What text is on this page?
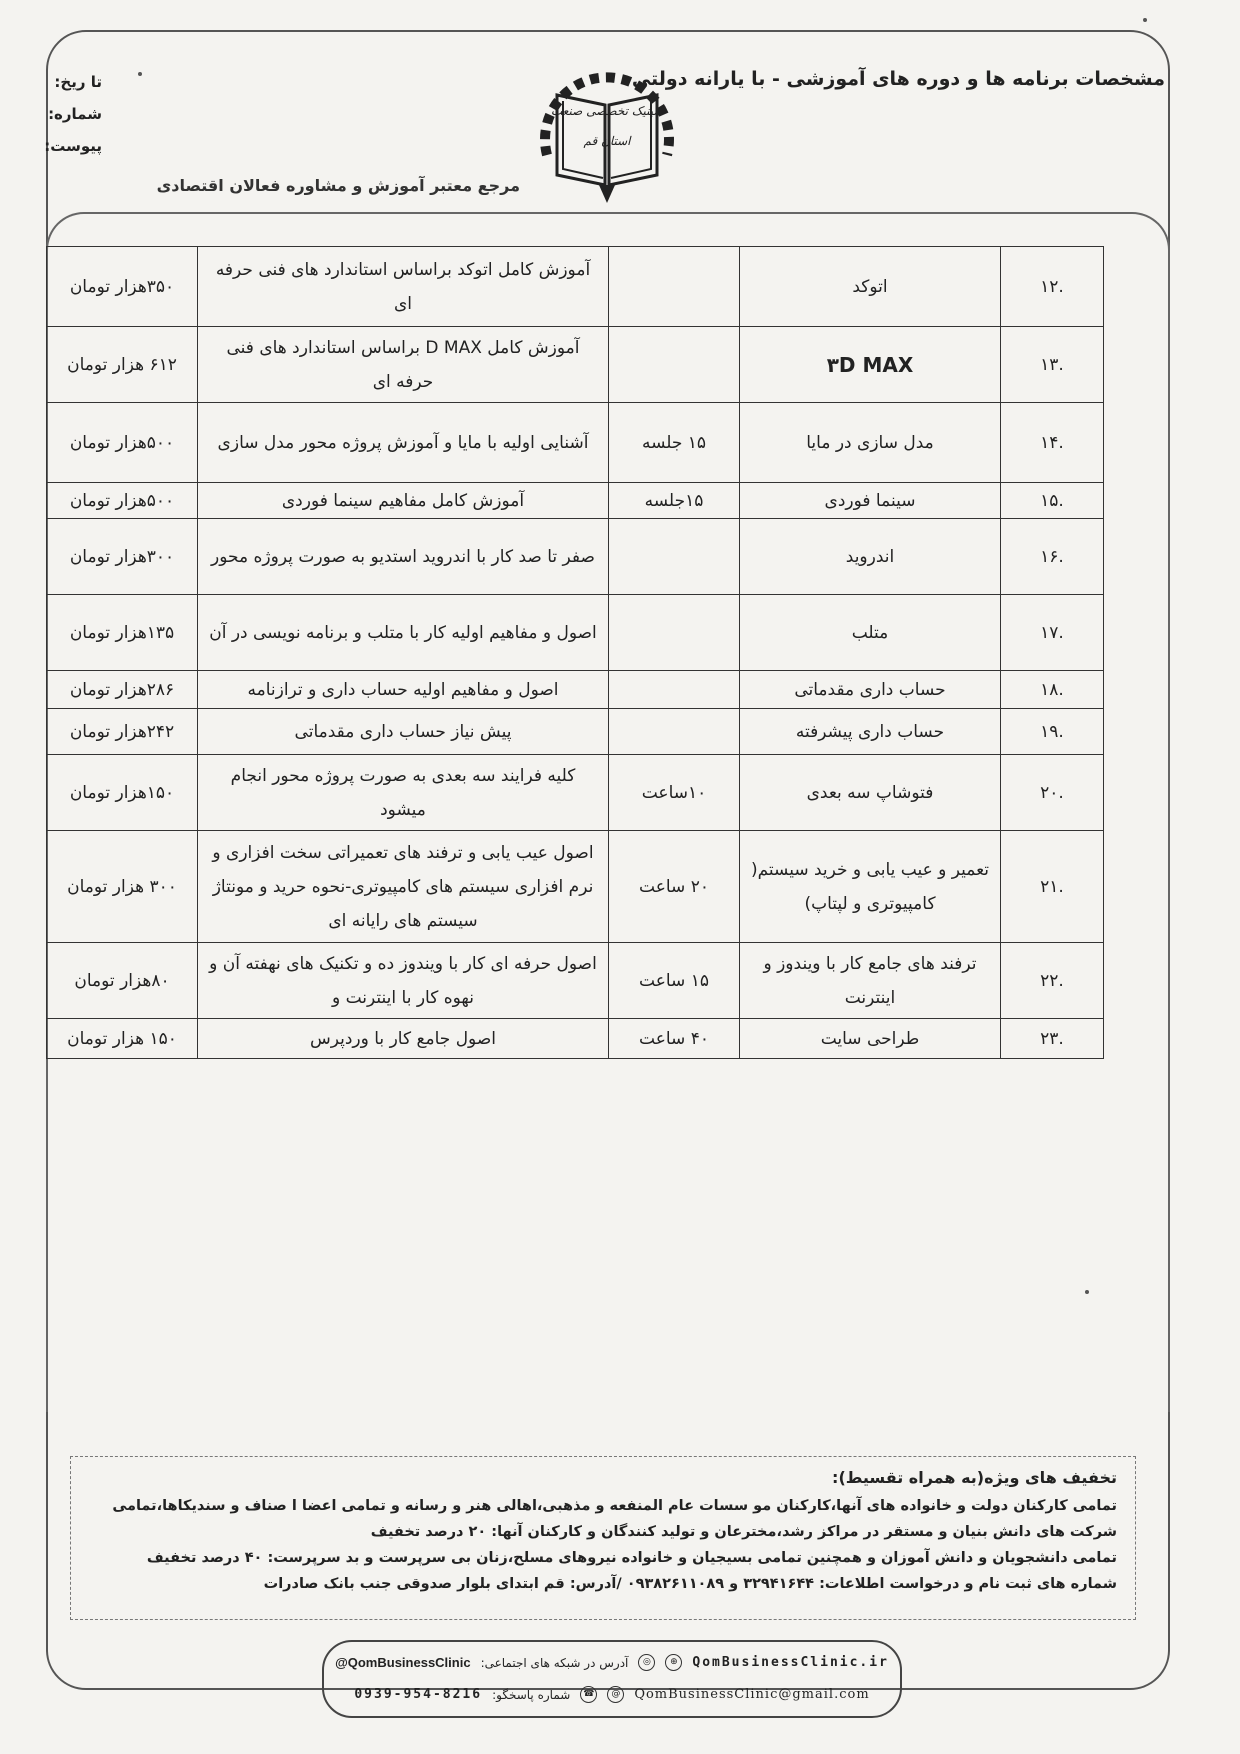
مشخصات برنامه ها و دوره های آموزشی - با یارانه دولتی
تا ریخ:
شماره:
پیوست:
کلینیک تخصصی صنعت
استان قم
مرجع معتبر آموزش و مشاوره فعالان اقتصادی
.۱۲	اتوکد		آموزش کامل اتوکد براساس استاندارد های فنی حرفه ای	۳۵۰هزار تومان
.۱۳	۳D MAX		آموزش کامل D MAX براساس استاندارد های فنی حرفه ای	۶۱۲ هزار تومان
.۱۴	مدل سازی در مایا	۱۵ جلسه	آشنایی اولیه با مایا و آموزش پروژه محور مدل سازی	۵۰۰هزار تومان
.۱۵	سینما فوردی	۱۵جلسه	آموزش کامل مفاهیم سینما فوردی	۵۰۰هزار تومان
.۱۶	اندروید		صفر تا صد کار با اندروید استدیو به صورت پروژه محور	۳۰۰هزار تومان
.۱۷	متلب		اصول و مفاهیم اولیه کار با متلب و برنامه نویسی در آن	۱۳۵هزار تومان
.۱۸	حساب داری مقدماتی		اصول و مفاهیم اولیه حساب داری و ترازنامه	۲۸۶هزار تومان
.۱۹	حساب داری پیشرفته		پیش نیاز حساب داری مقدماتی	۲۴۲هزار تومان
.۲۰	فتوشاپ سه بعدی	۱۰ساعت	کلیه فرایند سه بعدی به صورت پروژه محور انجام میشود	۱۵۰هزار تومان
.۲۱	تعمیر و عیب یابی و خرید سیستم( کامپیوتری و لپتاپ)	۲۰ ساعت	اصول عیب یابی و ترفند های تعمیراتی سخت افزاری و نرم افزاری سیستم های کامپیوتری-نحوه حرید و مونتاژ سیستم های رایانه ای	۳۰۰ هزار تومان
.۲۲	ترفند های جامع کار با ویندوز و اینترنت	۱۵ ساعت	اصول حرفه ای کار با ویندوز ده و تکنیک های نهفته آن و نهوه کار با اینترنت و	۸۰هزار تومان
.۲۳	طراحی سایت	۴۰ ساعت	اصول جامع کار با وردپرس	۱۵۰ هزار تومان
تخفیف های ویژه(به همراه تقسیط):
تمامی کارکنان دولت و خانواده های آنها،کارکنان مو سسات عام المنفعه و مذهبی،اهالی هنر و رسانه و تمامی اعضا ا صناف و سندیکاها،تمامی
شرکت های دانش بنیان و مستقر در مراکز رشد،مخترعان و تولید کنندگان و کارکنان آنها: ۲۰ درصد تخفیف
تمامی دانشجویان و دانش آموزان و همچنین تمامی بسیجیان و خانواده نیروهای مسلح،زنان بی سرپرست و بد سرپرست: ۴۰ درصد تخفیف
شماره های ثبت نام و درخواست اطلاعات: ۳۲۹۴۱۶۴۴ و ۰۹۳۸۲۶۱۱۰۸۹ /آدرس: قم ابتدای بلوار صدوقی جنب بانک صادرات
@QomBusinessClinic آدرس در شبکه های اجتماعی:	◎	⊕	QomBusinessClinic.ir
0939-954-8216 شماره پاسخگو:	☎	@	QomBusinessClinic@gmail.com
